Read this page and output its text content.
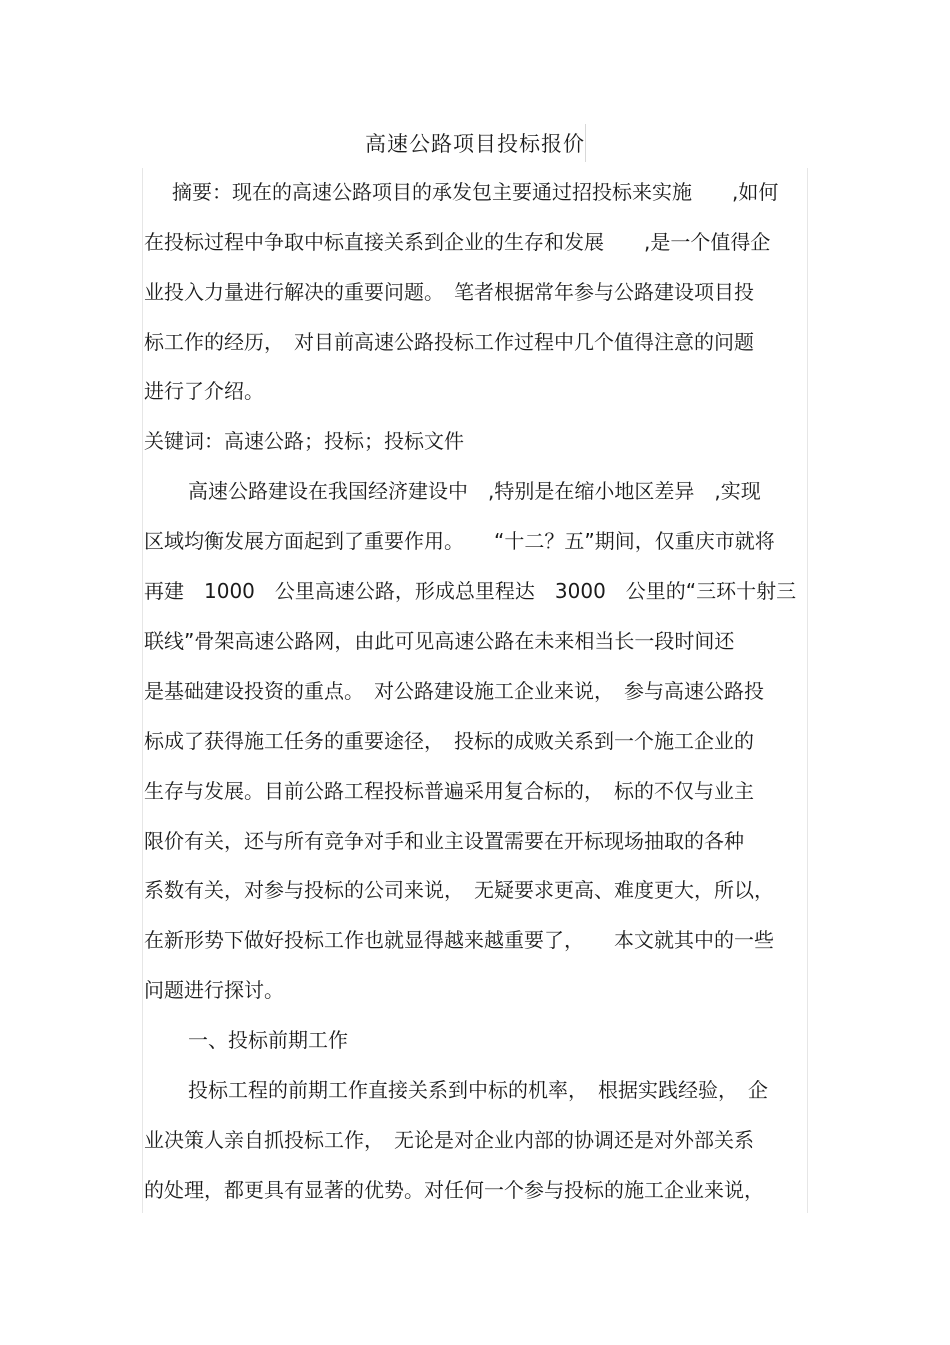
高速公路项目投标报价
摘要：现在的高速公路项目的承发包主要通过招投标来实施　　,如何
在投标过程中争取中标直接关系到企业的生存和发展　　,是一个值得企
业投入力量进行解决的重要问题。　笔者根据常年参与公路建设项目投
标工作的经历，　对目前高速公路投标工作过程中几个值得注意的问题
进行了介绍。
关键词：高速公路；投标；投标文件
高速公路建设在我国经济建设中　,特别是在缩小地区差异　,实现
区域均衡发展方面起到了重要作用。　　“十二？五”期间，仅重庆市就将
再建　1000　公里高速公路，形成总里程达　3000　公里的“三环十射三
联线”骨架高速公路网，由此可见高速公路在未来相当长一段时间还
是基础建设投资的重点。　对公路建设施工企业来说，　参与高速公路投
标成了获得施工任务的重要途径，　投标的成败关系到一个施工企业的
生存与发展。目前公路工程投标普遍采用复合标的，　标的不仅与业主
限价有关，还与所有竞争对手和业主设置需要在开标现场抽取的各种
系数有关，对参与投标的公司来说，　无疑要求更高、难度更大，所以，
在新形势下做好投标工作也就显得越来越重要了，　　本文就其中的一些
问题进行探讨。
一、投标前期工作
投标工程的前期工作直接关系到中标的机率，　根据实践经验，　企
业决策人亲自抓投标工作，　无论是对企业内部的协调还是对外部关系
的处理，都更具有显著的优势。对任何一个参与投标的施工企业来说，
